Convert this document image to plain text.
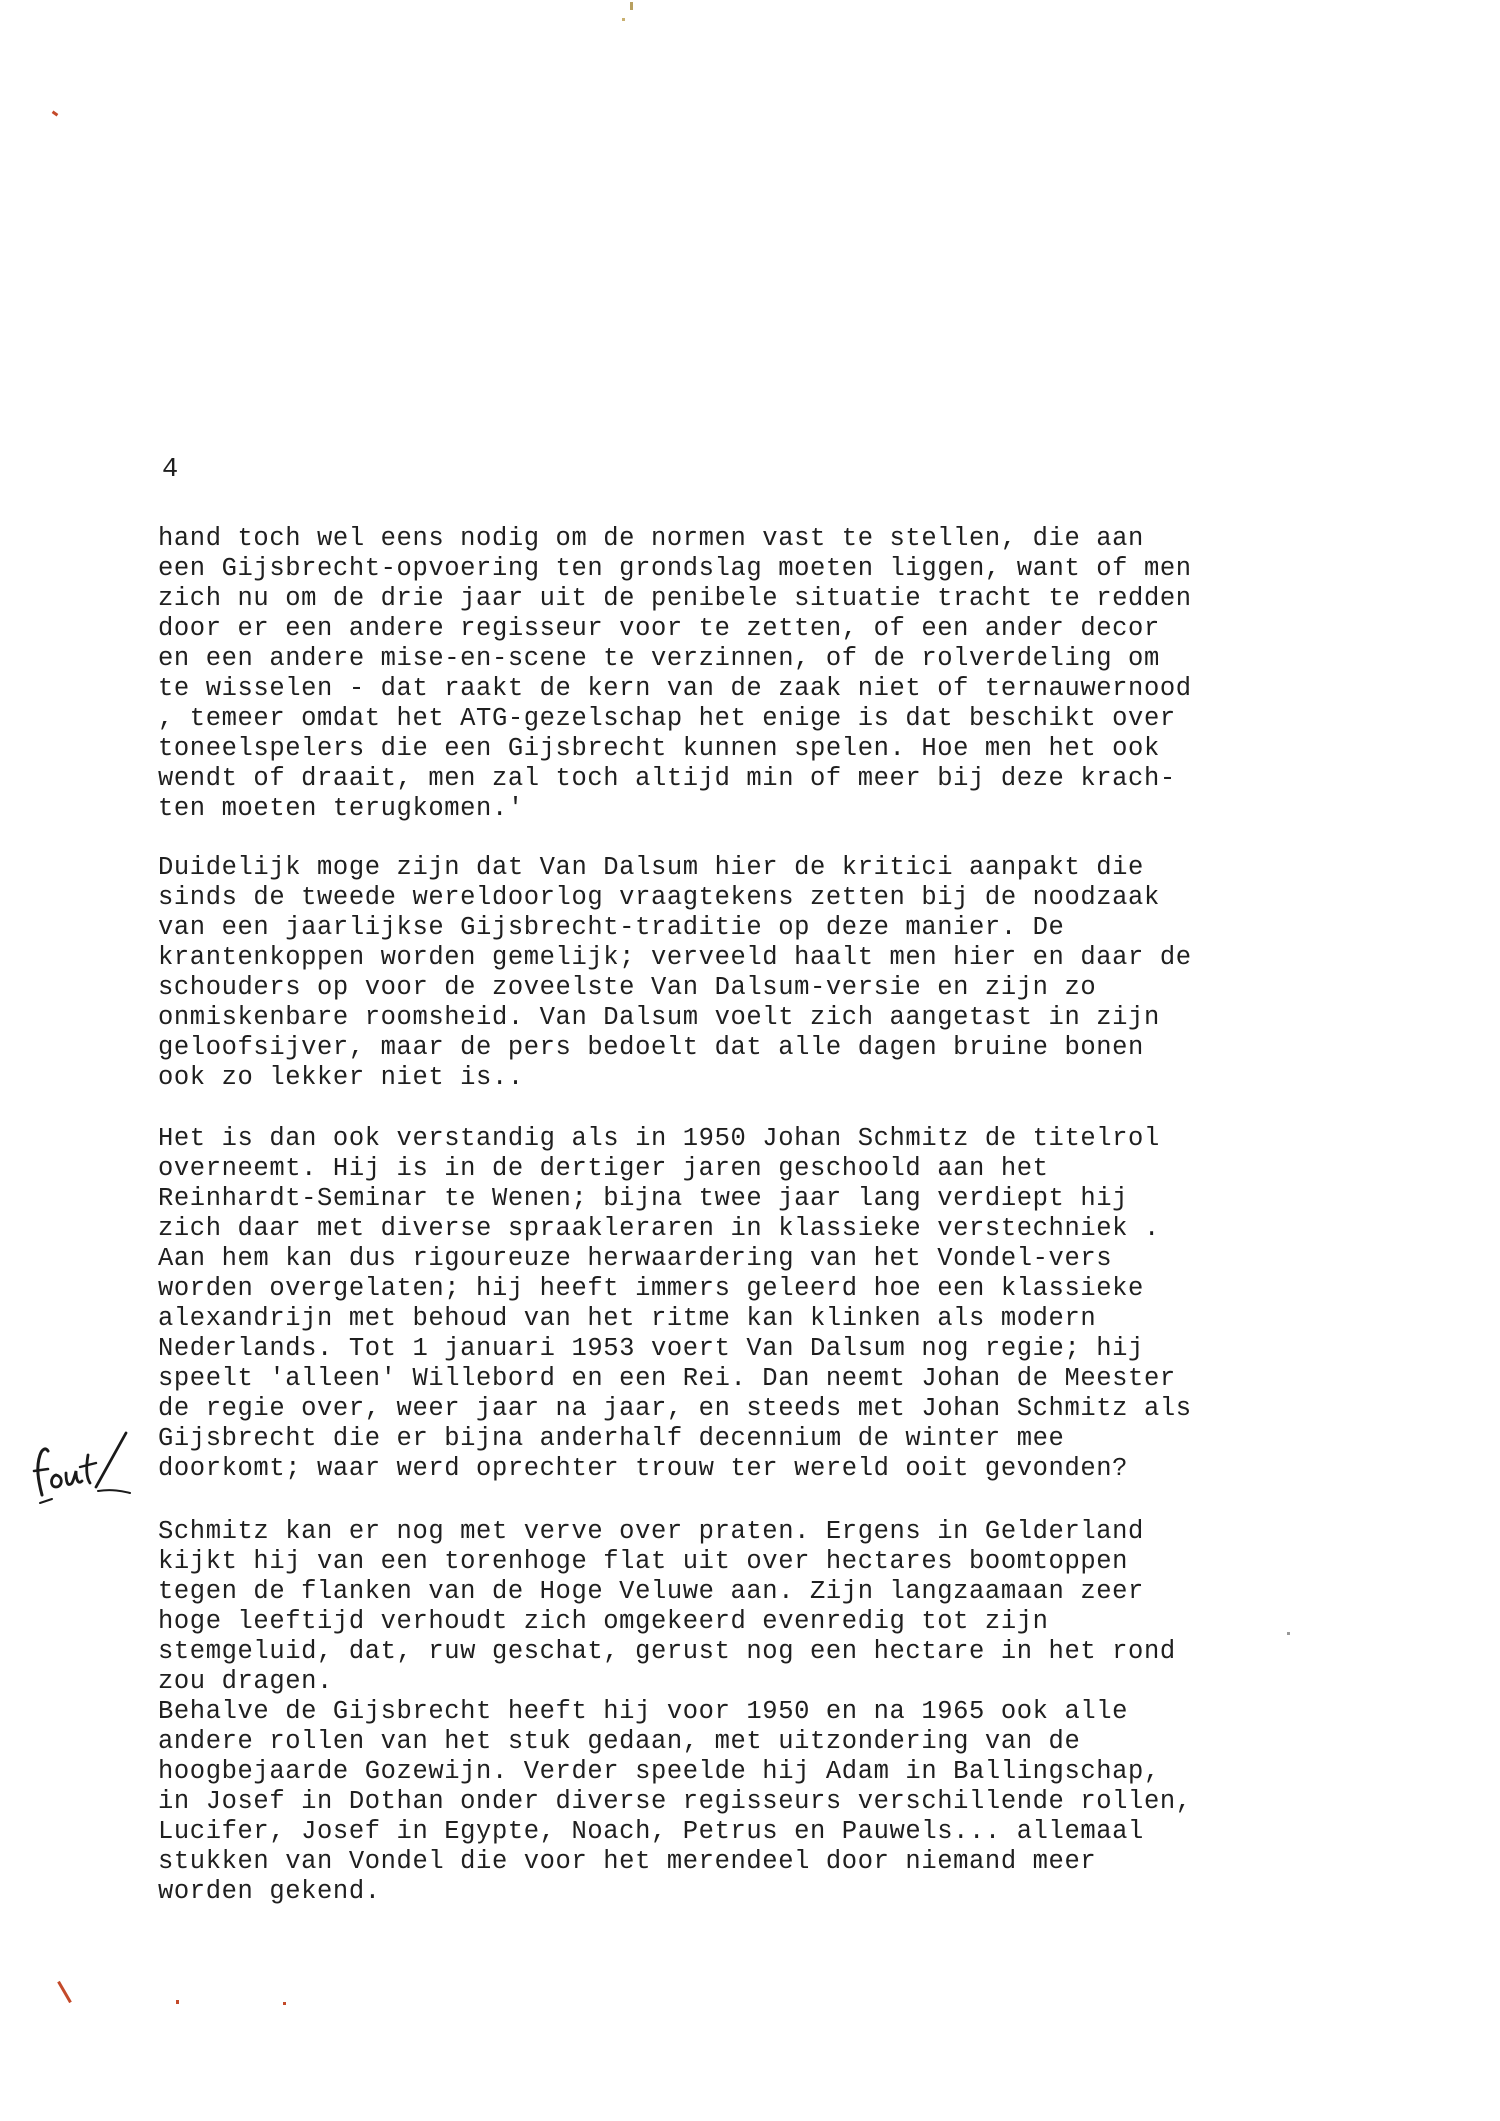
4
hand toch wel eens nodig om de normen vast te stellen, die aan
een Gijsbrecht-opvoering ten grondslag moeten liggen, want of men
zich nu om de drie jaar uit de penibele situatie tracht te redden
door er een andere regisseur voor te zetten, of een ander decor
en een andere mise-en-scene te verzinnen, of de rolverdeling om
te wisselen - dat raakt de kern van de zaak niet of ternauwernood
, temeer omdat het ATG-gezelschap het enige is dat beschikt over
toneelspelers die een Gijsbrecht kunnen spelen. Hoe men het ook
wendt of draait, men zal toch altijd min of meer bij deze krach-
ten moeten terugkomen.'
Duidelijk moge zijn dat Van Dalsum hier de kritici aanpakt die
sinds de tweede wereldoorlog vraagtekens zetten bij de noodzaak
van een jaarlijkse Gijsbrecht-traditie op deze manier. De
krantenkoppen worden gemelijk; verveeld haalt men hier en daar de
schouders op voor de zoveelste Van Dalsum-versie en zijn zo
onmiskenbare roomsheid. Van Dalsum voelt zich aangetast in zijn
geloofsijver, maar de pers bedoelt dat alle dagen bruine bonen
ook zo lekker niet is..
Het is dan ook verstandig als in 1950 Johan Schmitz de titelrol
overneemt. Hij is in de dertiger jaren geschoold aan het
Reinhardt-Seminar te Wenen; bijna twee jaar lang verdiept hij
zich daar met diverse spraakleraren in klassieke verstechniek .
Aan hem kan dus rigoureuze herwaardering van het Vondel-vers
worden overgelaten; hij heeft immers geleerd hoe een klassieke
alexandrijn met behoud van het ritme kan klinken als modern
Nederlands. Tot 1 januari 1953 voert Van Dalsum nog regie; hij
speelt 'alleen' Willebord en een Rei. Dan neemt Johan de Meester
de regie over, weer jaar na jaar, en steeds met Johan Schmitz als
Gijsbrecht die er bijna anderhalf decennium de winter mee
doorkomt; waar werd oprechter trouw ter wereld ooit gevonden?
Schmitz kan er nog met verve over praten. Ergens in Gelderland
kijkt hij van een torenhoge flat uit over hectares boomtoppen
tegen de flanken van de Hoge Veluwe aan. Zijn langzaamaan zeer
hoge leeftijd verhoudt zich omgekeerd evenredig tot zijn
stemgeluid, dat, ruw geschat, gerust nog een hectare in het rond
zou dragen.
Behalve de Gijsbrecht heeft hij voor 1950 en na 1965 ook alle
andere rollen van het stuk gedaan, met uitzondering van de
hoogbejaarde Gozewijn. Verder speelde hij Adam in Ballingschap,
in Josef in Dothan onder diverse regisseurs verschillende rollen,
Lucifer, Josef in Egypte, Noach, Petrus en Pauwels... allemaal
stukken van Vondel die voor het merendeel door niemand meer
worden gekend.
